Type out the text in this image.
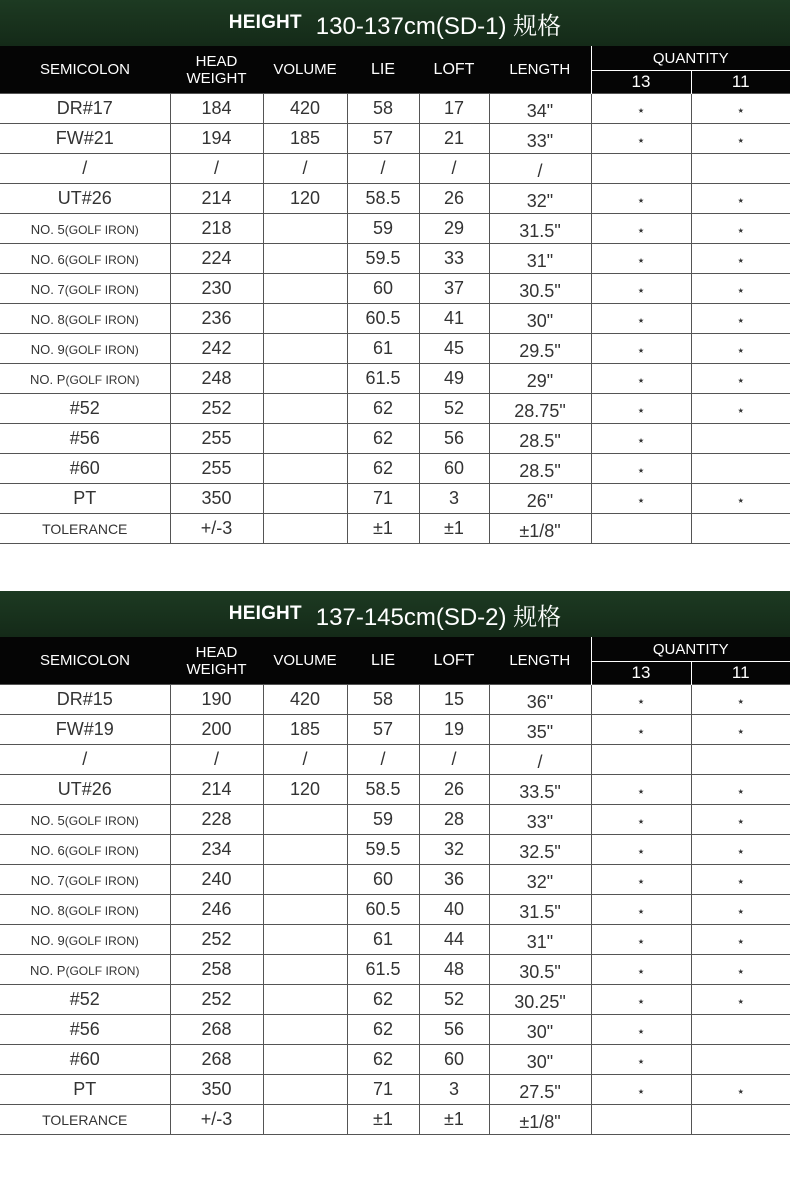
HEIGHT 130-137cm(SD-1) 规格
SEMICOLON	HEAD WEIGHT	VOLUME	LIE	LOFT	LENGTH	QUANTITY	
						13	11
DR#17	184	420	58	17	34"	⋆	⋆
FW#21	194	185	57	21	33"	⋆	⋆
/	/	/	/	/	/		
UT#26	214	120	58.5	26	32"	⋆	⋆
NO. 5(GOLF IRON)	218		59	29	31.5"	⋆	⋆
NO. 6(GOLF IRON)	224		59.5	33	31"	⋆	⋆
NO. 7(GOLF IRON)	230		60	37	30.5"	⋆	⋆
NO. 8(GOLF IRON)	236		60.5	41	30"	⋆	⋆
NO. 9(GOLF IRON)	242		61	45	29.5"	⋆	⋆
NO. P(GOLF IRON)	248		61.5	49	29"	⋆	⋆
#52	252		62	52	28.75"	⋆	⋆
#56	255		62	56	28.5"	⋆	
#60	255		62	60	28.5"	⋆	
PT	350		71	3	26"	⋆	⋆
TOLERANCE	+/-3		±1	±1	±1/8"		
HEIGHT 137-145cm(SD-2) 规格
SEMICOLON	HEAD WEIGHT	VOLUME	LIE	LOFT	LENGTH	QUANTITY	
						13	11
DR#15	190	420	58	15	36"	⋆	⋆
FW#19	200	185	57	19	35"	⋆	⋆
/	/	/	/	/	/		
UT#26	214	120	58.5	26	33.5"	⋆	⋆
NO. 5(GOLF IRON)	228		59	28	33"	⋆	⋆
NO. 6(GOLF IRON)	234		59.5	32	32.5"	⋆	⋆
NO. 7(GOLF IRON)	240		60	36	32"	⋆	⋆
NO. 8(GOLF IRON)	246		60.5	40	31.5"	⋆	⋆
NO. 9(GOLF IRON)	252		61	44	31"	⋆	⋆
NO. P(GOLF IRON)	258		61.5	48	30.5"	⋆	⋆
#52	252		62	52	30.25"	⋆	⋆
#56	268		62	56	30"	⋆	
#60	268		62	60	30"	⋆	
PT	350		71	3	27.5"	⋆	⋆
TOLERANCE	+/-3		±1	±1	±1/8"		
